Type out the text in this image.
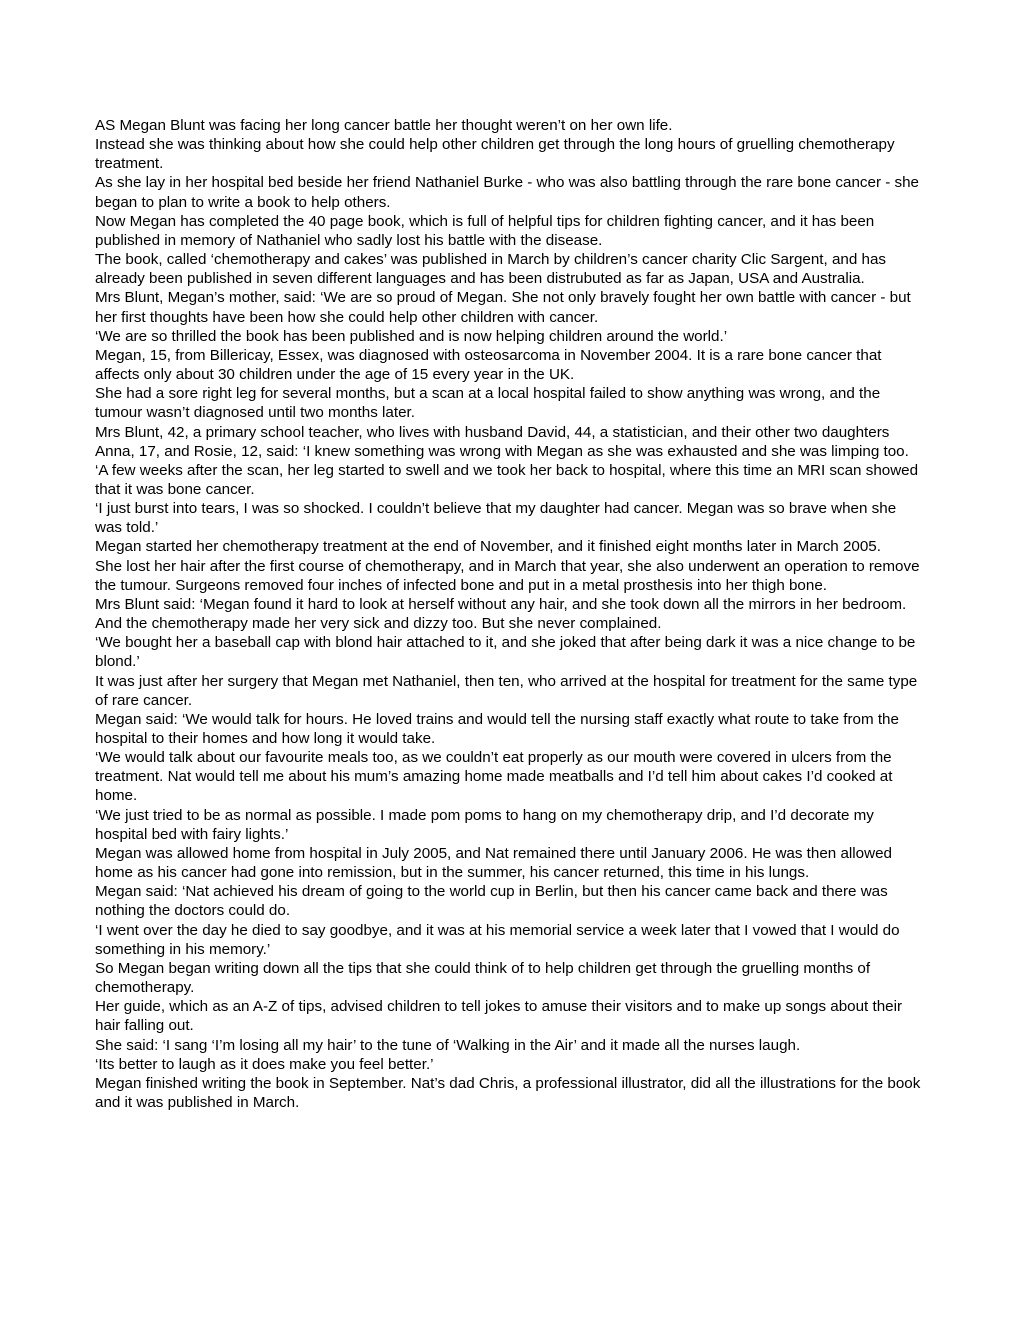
AS Megan Blunt was facing her long cancer battle her thought weren’t on her own life.

Instead she was thinking about how she could help other children get through the long hours of gruelling chemotherapy treatment.

As she lay in her hospital bed beside her friend Nathaniel Burke - who was also battling through the rare bone cancer - she began to plan to write a book to help others.

Now Megan has completed the 40 page book, which is full of helpful tips for children fighting cancer, and it has been published in memory of Nathaniel who sadly lost his battle with the disease.

The book, called ‘chemotherapy and cakes’ was published in March by children’s cancer charity Clic Sargent, and has already been published in seven different languages and has been distrubuted as far as Japan, USA and Australia.

Mrs Blunt, Megan’s mother, said: ‘We are so proud of Megan. She not only bravely fought her own battle with cancer - but her first thoughts have been how she could help other children with cancer.

‘We are so thrilled the book has been published and is now helping children around the world.’

Megan, 15, from Billericay, Essex, was diagnosed with osteosarcoma in November 2004. It is a rare bone cancer that affects only about 30 children under the age of 15 every year in the UK.

She had a sore right leg for several months, but a scan at a local hospital failed to show anything was wrong, and the tumour wasn’t diagnosed until two months later.

Mrs Blunt, 42, a primary school teacher, who lives with husband David, 44, a statistician, and their other two daughters Anna, 17, and Rosie, 12, said: ‘I knew something was wrong with Megan as she was exhausted and she was limping too.

‘A few weeks after the scan, her leg started to swell and we took her back to hospital, where this time an MRI scan showed that it was bone cancer.

‘I just burst into tears, I was so shocked. I couldn’t believe that my daughter had cancer. Megan was so brave when she was told.’

Megan started her chemotherapy treatment at the end of November, and it finished eight months later in March 2005.

She lost her hair after the first course of chemotherapy, and in March that year, she also underwent an operation to remove the tumour. Surgeons removed four inches of infected bone and put in a metal prosthesis into her thigh bone.

Mrs Blunt said: ‘Megan found it hard to look at herself without any hair, and she took down all the mirrors in her bedroom. And the chemotherapy made her very sick and dizzy too. But she never complained.

‘We bought her a baseball cap with blond hair attached to it, and she joked that after being dark it was a nice change to be blond.’

It was just after her surgery that Megan met Nathaniel, then ten, who arrived at the hospital for treatment for the same type of rare cancer.

Megan said: ‘We would talk for hours. He loved trains and would tell the nursing staff exactly what route to take from the hospital to their homes and how long it would take.

‘We would talk about our favourite meals too, as we couldn’t eat properly as our mouth were covered in ulcers from the treatment. Nat would tell me about his mum’s amazing home made meatballs and I’d tell him about cakes I’d cooked at home.

‘We just tried to be as normal as possible. I made pom poms to hang on my chemotherapy drip, and I’d decorate my hospital bed with fairy lights.’

Megan was allowed home from hospital in July 2005, and Nat remained there until January 2006. He was then allowed home as his cancer had gone into remission, but in the summer, his cancer returned, this time in his lungs.

Megan said: ‘Nat achieved his dream of going to the world cup in Berlin, but then his cancer came back and there was nothing the doctors could do.

‘I went over the day he died to say goodbye, and it was at his memorial service a week later that I vowed that I would do something in his memory.’

So Megan began writing down all the tips that she could think of to help children get through the gruelling months of chemotherapy.

Her guide, which as an A-Z of tips, advised children to tell jokes to amuse their visitors and to make up songs about their hair falling out.

She said: ‘I sang ‘I’m losing all my hair’ to the tune of ‘Walking in the Air’ and it made all the nurses laugh.

‘Its better to laugh as it does make you feel better.’

Megan finished writing the book in September. Nat’s dad Chris, a professional illustrator, did all the illustrations for the book and it was published in March.
